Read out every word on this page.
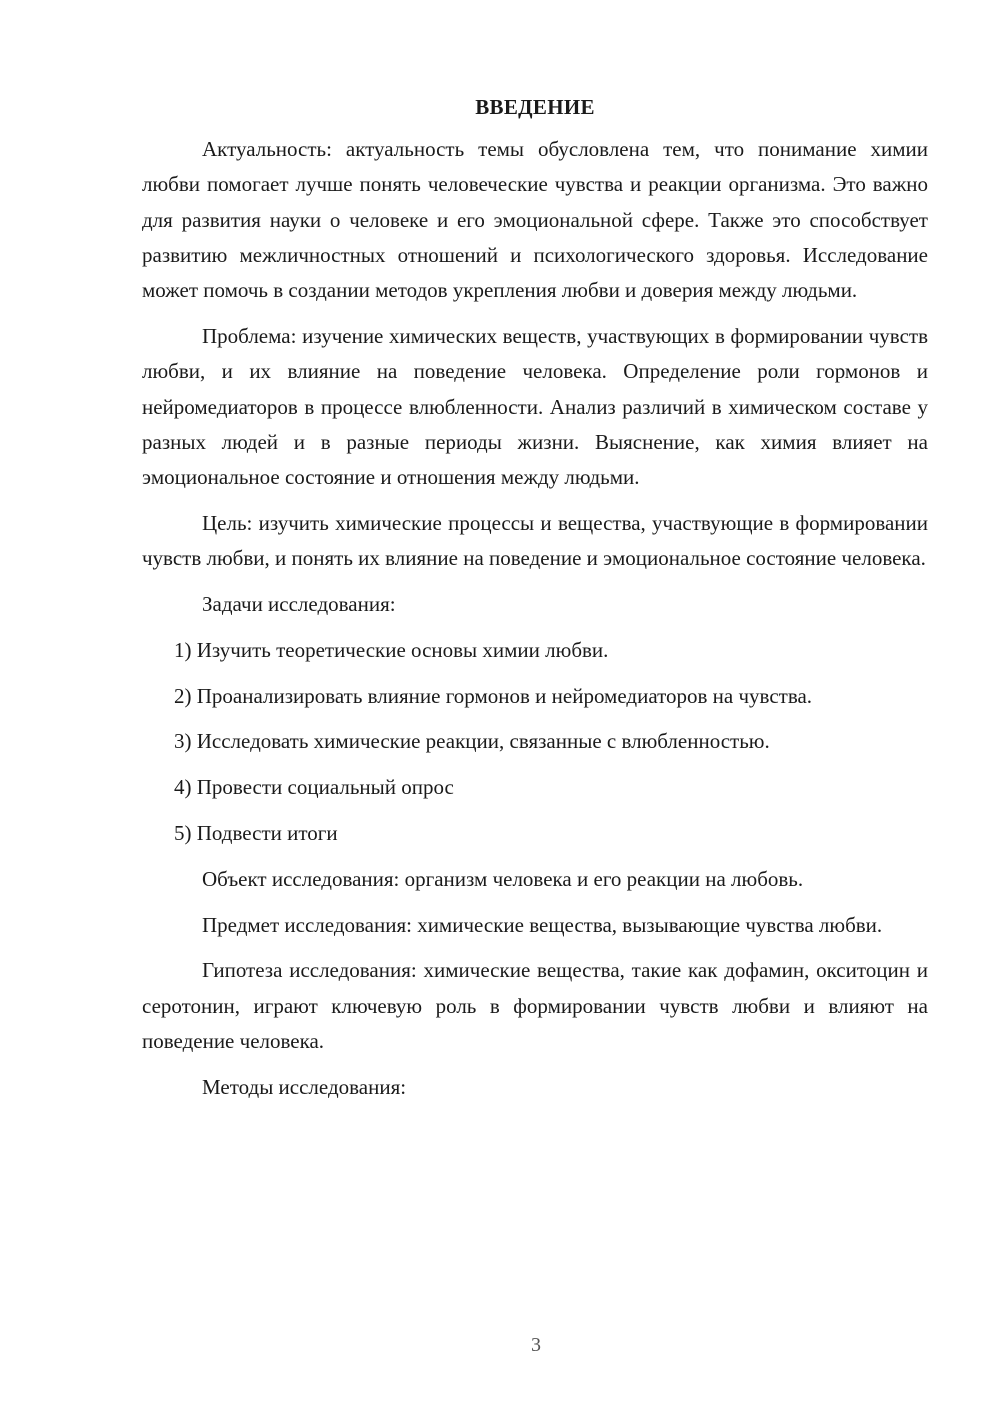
ВВЕДЕНИЕ

Актуальность: актуальность темы обусловлена тем, что понимание химии любви помогает лучше понять человеческие чувства и реакции организма. Это важно для развития науки о человеке и его эмоциональной сфере. Также это способствует развитию межличностных отношений и психологического здоровья. Исследование может помочь в создании методов укрепления любви и доверия между людьми.

Проблема: изучение химических веществ, участвующих в формировании чувств любви, и их влияние на поведение человека. Определение роли гормонов и нейромедиаторов в процессе влюбленности. Анализ различий в химическом составе у разных людей и в разные периоды жизни. Выяснение, как химия влияет на эмоциональное состояние и отношения между людьми.

Цель: изучить химические процессы и вещества, участвующие в формировании чувств любви, и понять их влияние на поведение и эмоциональное состояние человека.

Задачи исследования:

1) Изучить теоретические основы химии любви.

2) Проанализировать влияние гормонов и нейромедиаторов на чувства.

3) Исследовать химические реакции, связанные с влюбленностью.

4) Провести социальный опрос

5) Подвести итоги

Объект исследования: организм человека и его реакции на любовь.

Предмет исследования: химические вещества, вызывающие чувства любви.

Гипотеза исследования: химические вещества, такие как дофамин, окситоцин и серотонин, играют ключевую роль в формировании чувств любви и влияют на поведение человека.

Методы исследования:

3
